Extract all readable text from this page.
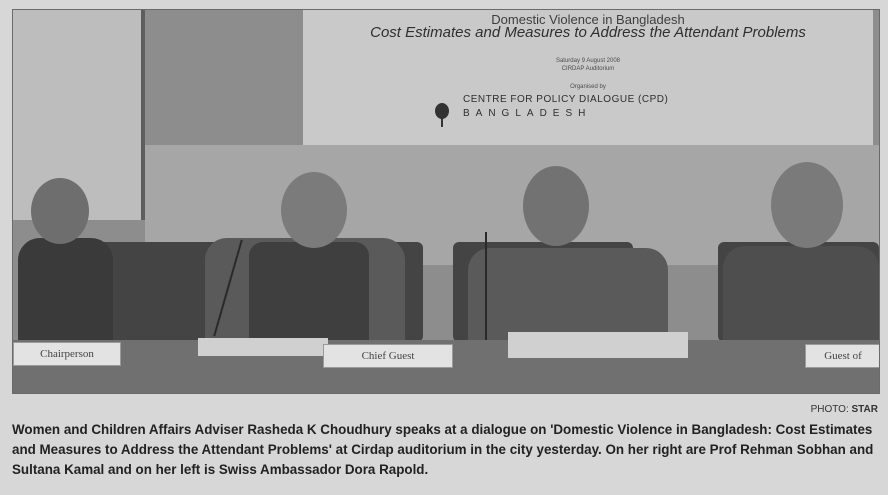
Domestic Violence in Bangladesh
Cost Estimates and Measures to Address the Attendant Problems
Saturday 9 August 2008
CIRDAP Auditorium
Organised by
CENTRE FOR POLICY DIALOGUE (CPD)
BANGLADESH
Chairperson	Chief Guest	Guest of
PHOTO: STAR
Women and Children Affairs Adviser Rasheda K Choudhury speaks at a dialogue on 'Domestic Violence in Bangladesh: Cost Estimates and Measures to Address the Attendant Problems' at Cirdap auditorium in the city yesterday. On her right are Prof Rehman Sobhan and Sultana Kamal and on her left is Swiss Ambassador Dora Rapold.
